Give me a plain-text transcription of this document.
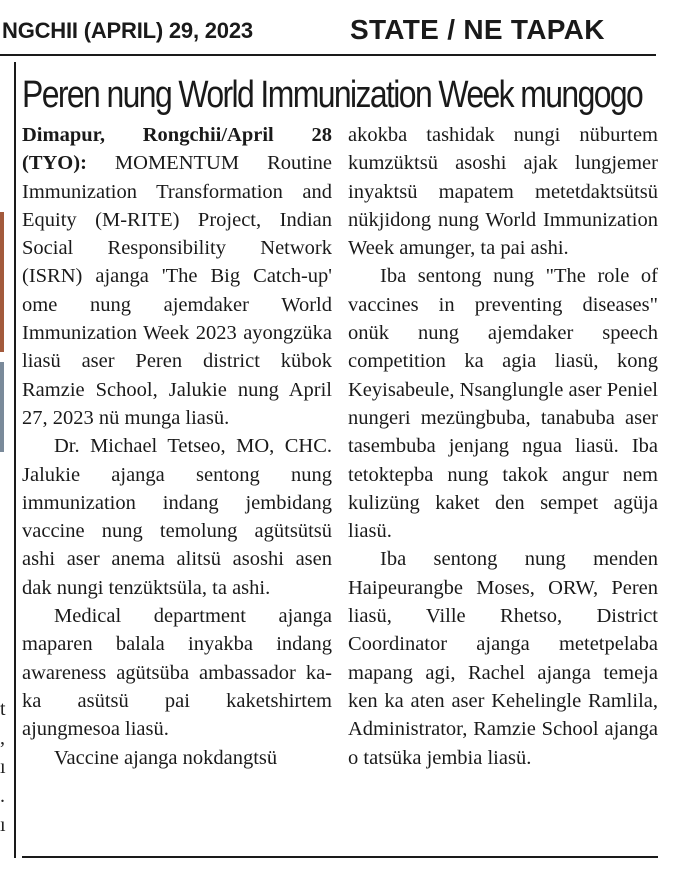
NGCHII (APRIL) 29, 2023	STATE / NE TAPAK
t
,
ı
.
ı
Peren nung World Immunization Week mungogo

Dimapur, Rongchii/April 28 (TYO): MOMENTUM Routine Immunization Transformation and Equity (M-RITE) Project, Indian Social Responsibility Network (ISRN) ajanga 'The Big Catch-up' ome nung ajemdaker World Immunization Week 2023 ayongzüka liasü aser Peren district kübok Ramzie School, Jalukie nung April 27, 2023 nü munga liasü.

Dr. Michael Tetseo, MO, CHC. Jalukie ajanga sentong nung immunization indang jembidang vaccine nung temolung agütsütsü ashi aser anema alitsü asoshi asen dak nungi tenzüktsüla, ta ashi.

Medical department ajanga maparen balala inyakba indang awareness agütsüba ambassador ka-ka asütsü pai kaketshirtem ajungmesoa liasü.

Vaccine ajanga nokdangtsü

akokba tashidak nungi nüburtem kumzüktsü asoshi ajak lungjemer inyaktsü mapatem metetdaktsütsü nükjidong nung World Immunization Week amunger, ta pai ashi.

Iba sentong nung "The role of vaccines in preventing diseases" onük nung ajemdaker speech competition ka agia liasü, kong Keyisabeule, Nsanglungle aser Peniel nungeri mezüngbuba, tanabuba aser tasembuba jenjang ngua liasü. Iba tetoktepba nung takok angur nem kulizüng kaket den sempet agüja liasü.

Iba sentong nung menden Haipeurangbe Moses, ORW, Peren liasü, Ville Rhetso, District Coordinator ajanga metetpelaba mapang agi, Rachel ajanga temeja ken ka aten aser Kehelingle Ramlila, Administrator, Ramzie School ajanga o tatsüka jembia liasü.
